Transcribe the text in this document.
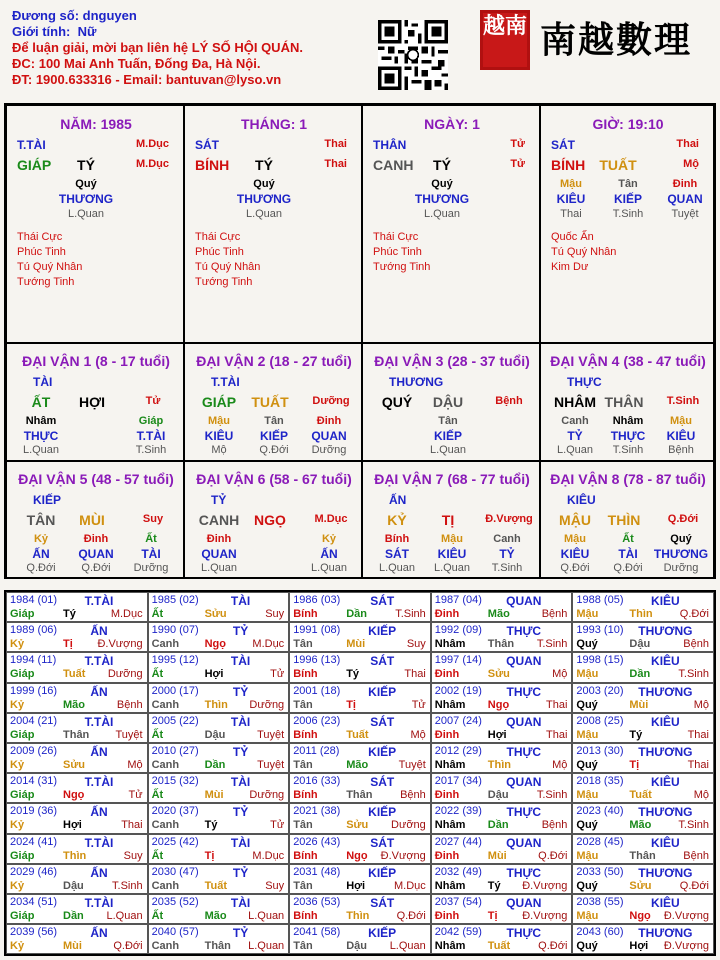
Đương số: dnguyen
Giới tính: Nữ
Để luận giải, mời bạn liên hệ LÝ SỐ HỘI QUÁN.
ĐC: 100 Mai Anh Tuấn, Đống Đa, Hà Nội.
ĐT: 1900.633316 - Email: bantuvan@lyso.vn
越南 南越數理
NĂM: 1985
T.TÀI	M.Dục
GIÁP TÝ	M.Dục
Quý
THƯƠNG
L.Quan
Thái Cực
Phúc Tinh
Tú Quý Nhân
Tướng Tinh
THÁNG: 1
SÁT	Thai
BÍNH TÝ	Thai
Quý
THƯƠNG
L.Quan
Thái Cực
Phúc Tinh
Tú Quý Nhân
Tướng Tinh
NGÀY: 1
THÂN	Tử
CANH TÝ	Tử
Quý
THƯƠNG
L.Quan
Thái Cực
Phúc Tinh
Tướng Tinh
GIỜ: 19:10
SÁT	Thai
BÍNH TUẤT	Mộ
Mậu
KIÊU
Thai
Tân
KIẾP
T.Sinh
Đinh
QUAN
Tuyệt
Quốc Ấn
Tú Quý Nhân
Kim Dư
ĐẠI VẬN 1 (8 - 17 tuổi)
TÀI
ẤT HỢI	Tử
Nhâm
THỰC
L.Quan
Giáp
T.TÀI
T.Sinh
ĐẠI VẬN 2 (18 - 27 tuổi)
T.TÀI
GIÁP TUẤT Dưỡng
Mậu
KIÊU
Mộ
Tân
KIẾP
Q.Đới
Đinh
QUAN
Dưỡng
ĐẠI VẬN 3 (28 - 37 tuổi)
THƯƠNG
QUÝ DẬU	Bệnh
Tân
KIẾP
L.Quan
ĐẠI VẬN 4 (38 - 47 tuổi)
THỰC
NHÂM THÂN T.Sinh
Canh
TỶ
L.Quan
Nhâm
THỰC
T.Sinh
Mậu
KIÊU
Bệnh
ĐẠI VẬN 5 (48 - 57 tuổi)
KIẾP
TÂN MÙI	Suy
Kỷ
ẤN
Q.Đới
Đinh
QUAN
Q.Đới
Ất
TÀI
Dưỡng
ĐẠI VẬN 6 (58 - 67 tuổi)
TỶ
CANH NGỌ	M.Dục
Đinh
QUAN
L.Quan
Kỷ
ẤN
L.Quan
ĐẠI VẬN 7 (68 - 77 tuổi)
ẤN
KỶ	TỊ	Đ.Vượng
Bính
SÁT
L.Quan
Mậu
KIÊU
L.Quan
Canh
TỶ
T.Sinh
ĐẠI VẬN 8 (78 - 87 tuổi)
KIÊU
MẬU THÌN Q.Đới
Mậu
KIÊU
Q.Đới
Ất
TÀI
Q.Đới
Quý
THƯƠNG
Dưỡng
1984 (01) T.TÀI
Giáp	Tý	M.Dục
1985 (02)	TÀI
Ất	Sửu	Suy
1986 (03) SÁT
Bính	Dần	T.Sinh
1987 (04) QUAN
Đinh	Mão	Bệnh
1988 (05) KIÊU
Mậu	Thìn Q.Đới
1989 (06)	ẤN
Kỷ	Tị Đ.Vượng
1990 (07)	TỶ
Canh Ngọ M.Dục
1991 (08) KIẾP
Tân	Mùi	Suy
1992 (09) THỰC
Nhâm Thân T.Sinh
1993 (10) THƯƠNG
Quý	Dậu	Bệnh
1994 (11) T.TÀI
Giáp	Tuất Dưỡng
1995 (12)	TÀI
Ất	Hợi	Tử
1996 (13) SÁT
Bính	Tý	Thai
1997 (14) QUAN
Đinh	Sửu	Mộ
1998 (15) KIÊU
Mậu	Dần	T.Sinh
1999 (16)	ẤN
Kỷ	Mão	Bệnh
2000 (17)	TỶ
Canh Thìn Dưỡng
2001 (18) KIẾP
Tân	Tị	Tử
2002 (19) THỰC
Nhâm Ngọ	Thai
2003 (20) THƯƠNG
Quý	Mùi	Mộ
2004 (21) T.TÀI
Giáp	Thân Tuyệt
2005 (22)	TÀI
Ất	Dậu	Tuyệt
2006 (23) SÁT
Bính	Tuất	Mộ
2007 (24) QUAN
Đinh	Hợi	Thai
2008 (25) KIÊU
Mậu	Tý	Thai
2009 (26)	ẤN
Kỷ	Sửu	Mộ
2010 (27)	TỶ
Canh Dần	Tuyệt
2011 (28) KIẾP
Tân	Mão	Tuyệt
2012 (29) THỰC
Nhâm Thìn	Mộ
2013 (30) THƯƠNG
Quý	Tị	Thai
2014 (31) T.TÀI
Giáp	Ngọ	Tử
2015 (32)	TÀI
Ất	Mùi Dưỡng
2016 (33) SÁT
Bính	Thân	Bệnh
2017 (34) QUAN
Đinh	Dậu	T.Sinh
2018 (35) KIÊU
Mậu	Tuất	Mộ
2019 (36)	ẤN
Kỷ	Hợi	Thai
2020 (37)	TỶ
Canh Tý	Tử
2021 (38) KIẾP
Tân	Sửu Dưỡng
2022 (39) THỰC
Nhâm Dần	Bệnh
2023 (40) THƯƠNG
Quý	Mão T.Sinh
2024 (41) T.TÀI
Giáp	Thìn	Suy
2025 (42)	TÀI
Ất	Tị	M.Dục
2026 (43) SÁT
Bính	Ngọ Đ.Vượng
2027 (44) QUAN
Đinh	Mùi	Q.Đới
2028 (45) KIÊU
Mậu	Thân	Bệnh
2029 (46)	ẤN
Kỷ	Dậu	T.Sinh
2030 (47)	TỶ
Canh Tuất	Suy
2031 (48) KIẾP
Tân	Hợi	M.Dục
2032 (49) THỰC
Nhâm Tý Đ.Vượng
2033 (50) THƯƠNG
Quý	Sửu	Q.Đới
2034 (51) T.TÀI
Giáp	Dần L.Quan
2035 (52)	TÀI
Ất	Mão L.Quan
2036 (53) SÁT
Bính	Thìn Q.Đới
2037 (54) QUAN
Đinh	Tị Đ.Vượng
2038 (55) KIÊU
Mậu	Ngọ Đ.Vượng
2039 (56)	ẤN
Kỷ	Mùi	Q.Đới
2040 (57)	TỶ
Canh Thân L.Quan
2041 (58) KIẾP
Tân	Dậu L.Quan
2042 (59) THỰC
Nhâm Tuất	Q.Đới
2043 (60) THƯƠNG
Quý	Hợi Đ.Vượng
